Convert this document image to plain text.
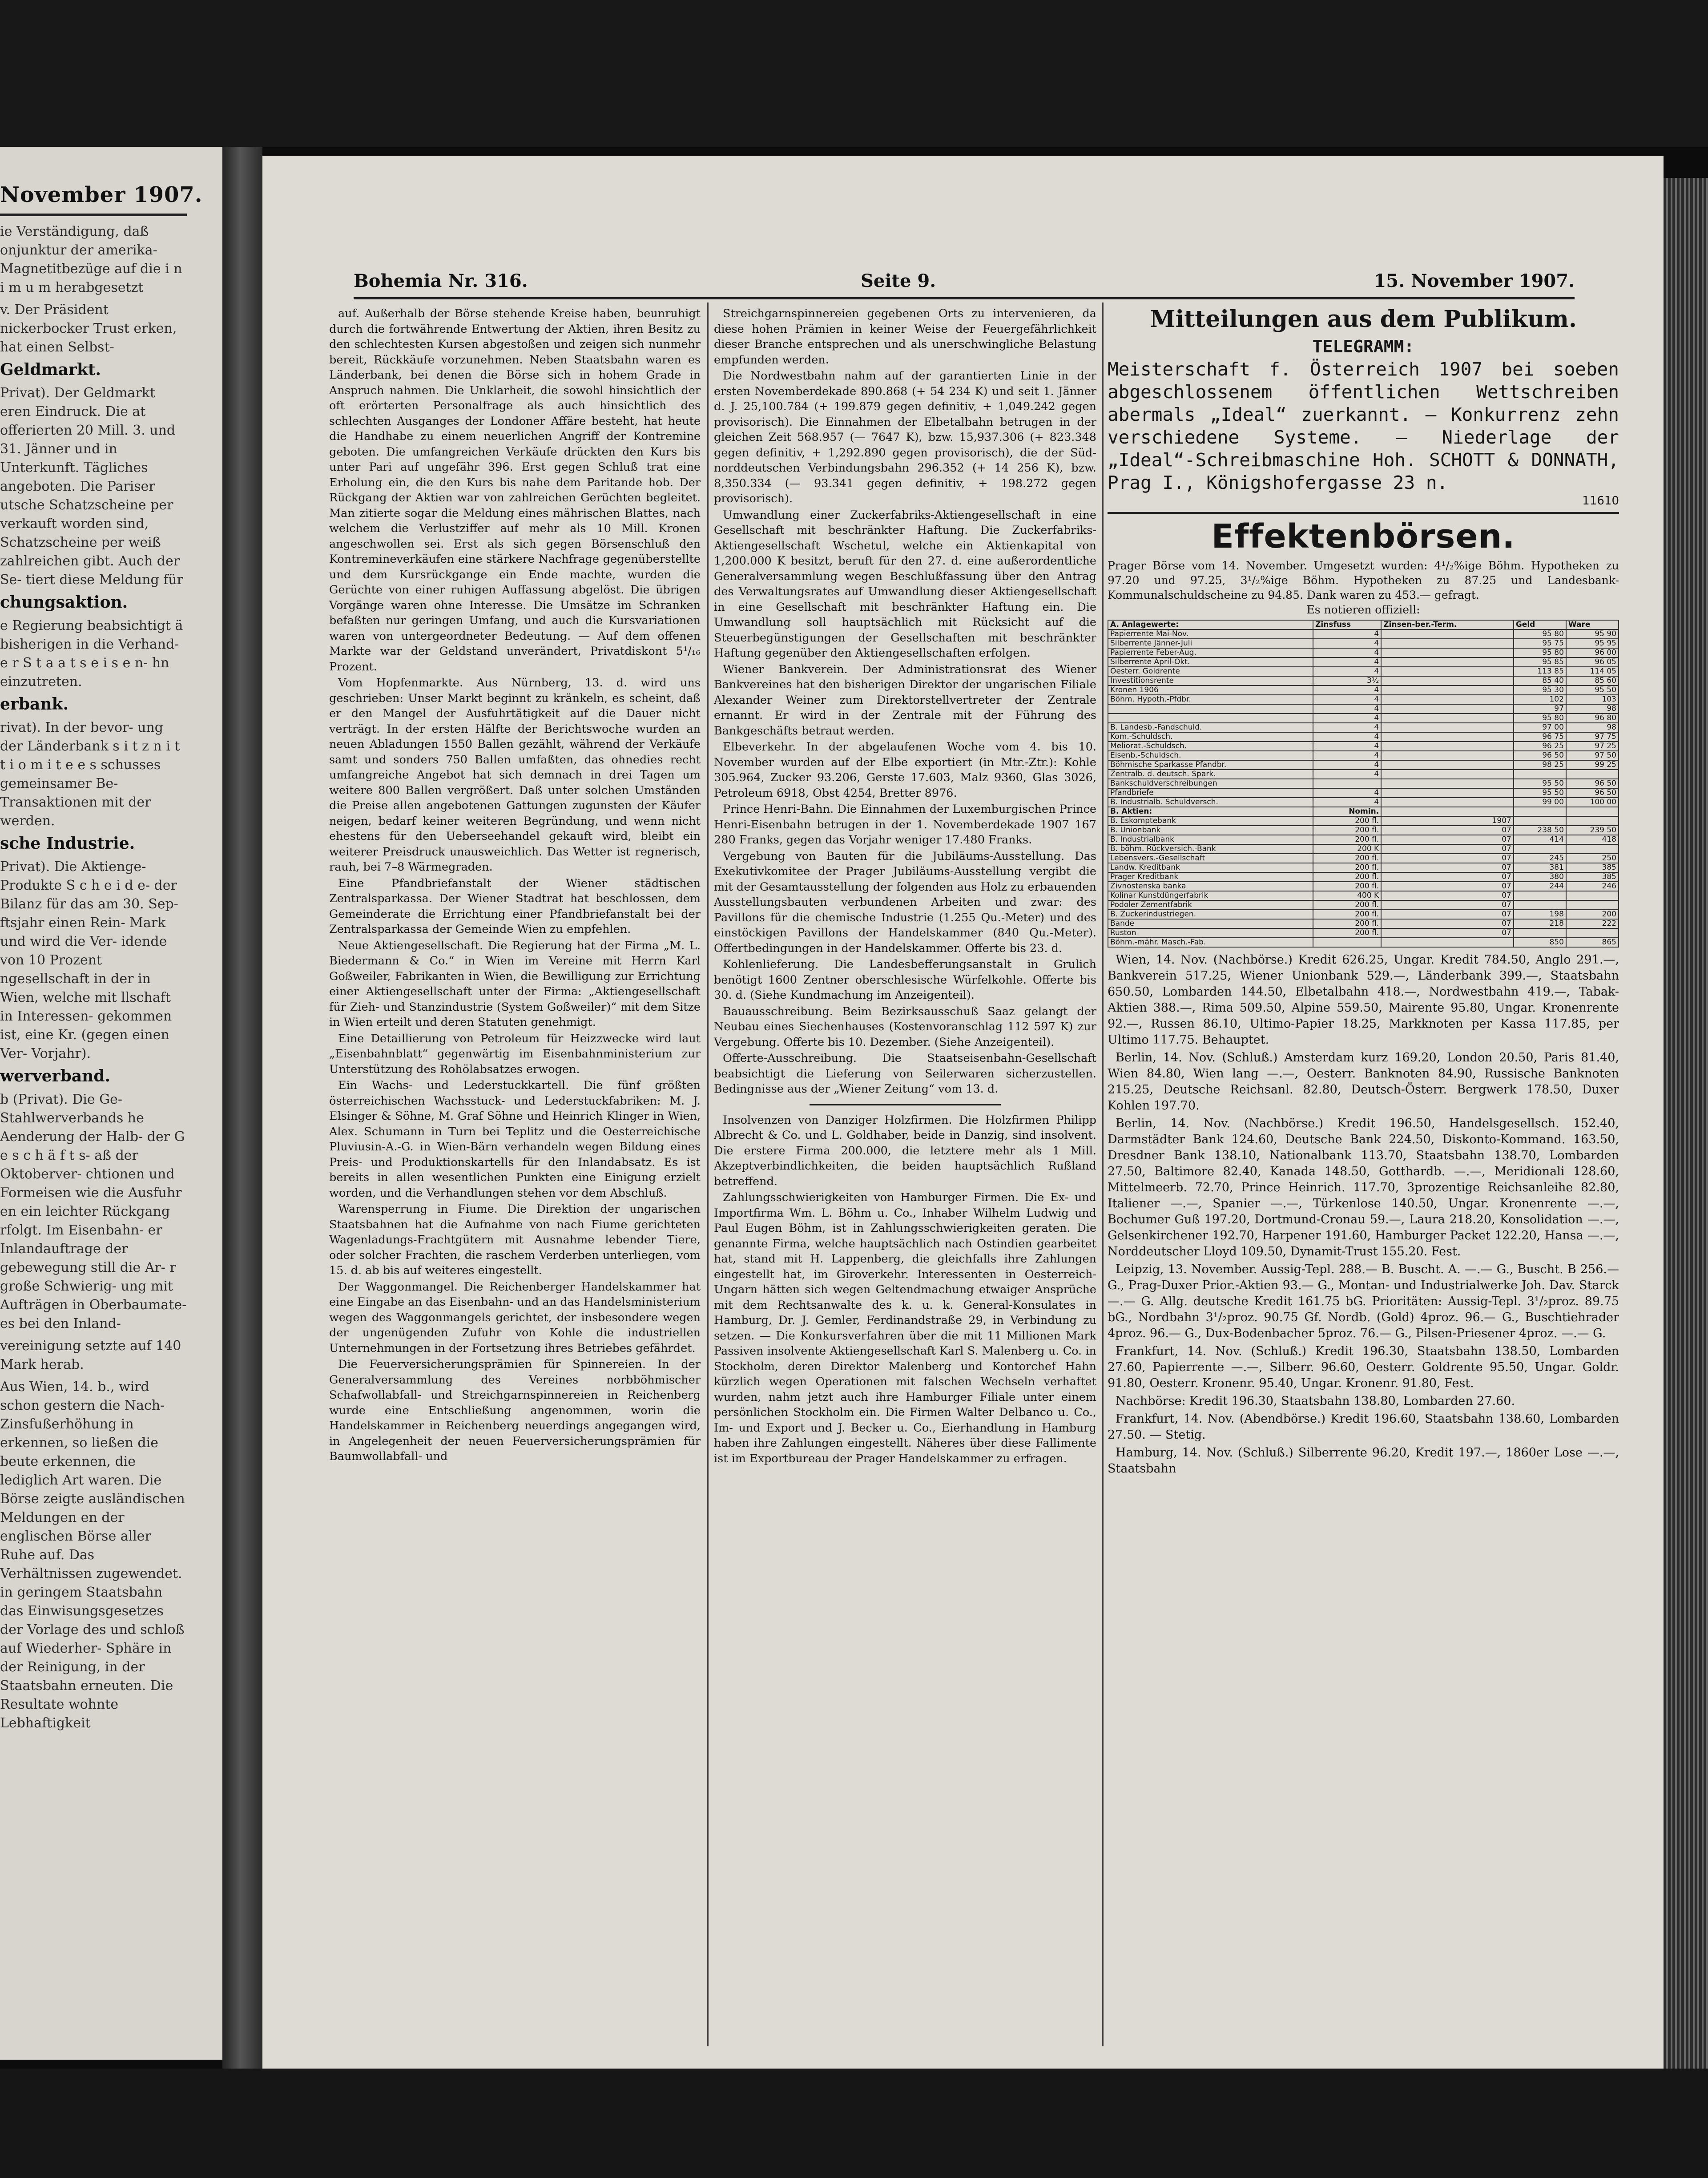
November 1907.

ie Verständigung, daß onjunktur der amerika- Magnetitbezüge auf die i n i m u m herabgesetzt

v. Der Präsident nickerbocker Trust erken, hat einen Selbst-

Geldmarkt.

Privat). Der Geldmarkt eren Eindruck. Die at offerierten 20 Mill. 3. und 31. Jänner und in Unterkunft. Tägliches angeboten. Die Pariser utsche Schatzscheine per verkauft worden sind, Schatzscheine per weiß zahlreichen gibt. Auch der Se- tiert diese Meldung für

chungsaktion.

e Regierung beabsichtigt ä bisherigen in die Verhand- e r S t a a t s e i s e n- hn einzutreten.

erbank.

rivat). In der bevor- ung der Länderbank s i t z n i t t i o m i t e e s schusses gemeinsamer Be- Transaktionen mit der werden.

sche Industrie.

Privat). Die Aktienge- Produkte S c h e i d e- der Bilanz für das am 30. Sep- ftsjahr einen Rein- Mark und wird die Ver- idende von 10 Prozent ngesellschaft in der in Wien, welche mit llschaft in Interessen- gekommen ist, eine Kr. (gegen einen Ver- Vorjahr).

werverband.

b (Privat). Die Ge- Stahlwerverbands he Aenderung der Halb- der G e s c h ä f t s- aß der Oktoberver- chtionen und Formeisen wie die Ausfuhr en ein leichter Rückgang rfolgt. Im Eisenbahn- er Inlandauftrage der gebewegung still die Ar- r große Schwierig- ung mit Aufträgen in Oberbaumate- es bei den Inland-

vereinigung setzte auf 140 Mark herab.

Aus Wien, 14. b., wird schon gestern die Nach- Zinsfußerhöhung in erkennen, so ließen die beute erkennen, die lediglich Art waren. Die Börse zeigte ausländischen Meldungen en der englischen Börse aller Ruhe auf. Das Verhältnissen zugewendet. in geringem Staatsbahn das Einwisungsgesetzes der Vorlage des und schloß auf Wiederher- Sphäre in der Reinigung, in der Staatsbahn erneuten. Die Resultate wohnte Lebhaftigkeit

Bohemia Nr. 316.	Seite 9.	15. November 1907.

auf. Außerhalb der Börse stehende Kreise haben, beunruhigt durch die fortwährende Entwertung der Aktien, ihren Besitz zu den schlechtesten Kursen abgestoßen und zeigen sich nunmehr bereit, Rückkäufe vorzunehmen. Neben Staatsbahn waren es Länderbank, bei denen die Börse sich in hohem Grade in Anspruch nahmen. Die Unklarheit, die sowohl hinsichtlich der oft erörterten Personalfrage als auch hinsichtlich des schlechten Ausganges der Londoner Affäre besteht, hat heute die Handhabe zu einem neuerlichen Angriff der Kontremine geboten. Die umfangreichen Verkäufe drückten den Kurs bis unter Pari auf ungefähr 396. Erst gegen Schluß trat eine Erholung ein, die den Kurs bis nahe dem Paritande hob. Der Rückgang der Aktien war von zahlreichen Gerüchten begleitet. Man zitierte sogar die Meldung eines mährischen Blattes, nach welchem die Verlustziffer auf mehr als 10 Mill. Kronen angeschwollen sei. Erst als sich gegen Börsenschluß den Kontremineverkäufen eine stärkere Nachfrage gegenüberstellte und dem Kursrückgange ein Ende machte, wurden die Gerüchte von einer ruhigen Auffassung abgelöst. Die übrigen Vorgänge waren ohne Interesse. Die Umsätze im Schranken befaßten nur geringen Umfang, und auch die Kursvariationen waren von untergeordneter Bedeutung. — Auf dem offenen Markte war der Geldstand unverändert, Privatdiskont 5¹/₁₆ Prozent.

Vom Hopfenmarkte. Aus Nürnberg, 13. d. wird uns geschrieben: Unser Markt beginnt zu kränkeln, es scheint, daß er den Mangel der Ausfuhrtätigkeit auf die Dauer nicht verträgt. In der ersten Hälfte der Berichtswoche wurden an neuen Abladungen 1550 Ballen gezählt, während der Verkäufe samt und sonders 750 Ballen umfaßten, das ohnedies recht umfangreiche Angebot hat sich demnach in drei Tagen um weitere 800 Ballen vergrößert. Daß unter solchen Umständen die Preise allen angebotenen Gattungen zugunsten der Käufer neigen, bedarf keiner weiteren Begründung, und wenn nicht ehestens für den Ueberseehandel gekauft wird, bleibt ein weiterer Preisdruck unausweichlich. Das Wetter ist regnerisch, rauh, bei 7–8 Wärmegraden.

Eine Pfandbriefanstalt der Wiener städtischen Zentralsparkassa. Der Wiener Stadtrat hat beschlossen, dem Gemeinderate die Errichtung einer Pfandbriefanstalt bei der Zentralsparkassa der Gemeinde Wien zu empfehlen.

Neue Aktiengesellschaft. Die Regierung hat der Firma „M. L. Biedermann & Co.“ in Wien im Vereine mit Herrn Karl Goßweiler, Fabrikanten in Wien, die Bewilligung zur Errichtung einer Aktiengesellschaft unter der Firma: „Aktiengesellschaft für Zieh- und Stanzindustrie (System Goßweiler)“ mit dem Sitze in Wien erteilt und deren Statuten genehmigt.

Eine Detaillierung von Petroleum für Heizzwecke wird laut „Eisenbahnblatt“ gegenwärtig im Eisenbahnministerium zur Unterstützung des Rohölabsatzes erwogen.

Ein Wachs- und Lederstuckkartell. Die fünf größten österreichischen Wachsstuck- und Lederstuckfabriken: M. J. Elsinger & Söhne, M. Graf Söhne und Heinrich Klinger in Wien, Alex. Schumann in Turn bei Teplitz und die Oesterreichische Pluviusin-A.-G. in Wien-Bärn verhandeln wegen Bildung eines Preis- und Produktionskartells für den Inlandabsatz. Es ist bereits in allen wesentlichen Punkten eine Einigung erzielt worden, und die Verhandlungen stehen vor dem Abschluß.

Warensperrung in Fiume. Die Direktion der ungarischen Staatsbahnen hat die Aufnahme von nach Fiume gerichteten Wagenladungs-Frachtgütern mit Ausnahme lebender Tiere, oder solcher Frachten, die raschem Verderben unterliegen, vom 15. d. ab bis auf weiteres eingestellt.

Der Waggonmangel. Die Reichenberger Handelskammer hat eine Eingabe an das Eisenbahn- und an das Handelsministerium wegen des Waggonmangels gerichtet, der insbesondere wegen der ungenügenden Zufuhr von Kohle die industriellen Unternehmungen in der Fortsetzung ihres Betriebes gefährdet.

Die Feuerversicherungsprämien für Spinnereien. In der Generalversammlung des Vereines norbböhmischer Schafwollabfall- und Streichgarnspinnereien in Reichenberg wurde eine Entschließung angenommen, worin die Handelskammer in Reichenberg neuerdings angegangen wird, in Angelegenheit der neuen Feuerversicherungsprämien für Baumwollabfall- und

Streichgarnspinnereien gegebenen Orts zu intervenieren, da diese hohen Prämien in keiner Weise der Feuergefährlichkeit dieser Branche entsprechen und als unerschwingliche Belastung empfunden werden.

Die Nordwestbahn nahm auf der garantierten Linie in der ersten Novemberdekade 890.868 (+ 54 234 K) und seit 1. Jänner d. J. 25,100.784 (+ 199.879 gegen definitiv, + 1,049.242 gegen provisorisch). Die Einnahmen der Elbetalbahn betrugen in der gleichen Zeit 568.957 (— 7647 K), bzw. 15,937.306 (+ 823.348 gegen definitiv, + 1,292.890 gegen provisorisch), die der Süd-norddeutschen Verbindungsbahn 296.352 (+ 14 256 K), bzw. 8,350.334 (— 93.341 gegen definitiv, + 198.272 gegen provisorisch).

Umwandlung einer Zuckerfabriks-Aktiengesellschaft in eine Gesellschaft mit beschränkter Haftung. Die Zuckerfabriks-Aktiengesellschaft Wschetul, welche ein Aktienkapital von 1,200.000 K besitzt, beruft für den 27. d. eine außerordentliche Generalversammlung wegen Beschlußfassung über den Antrag des Verwaltungsrates auf Umwandlung dieser Aktiengesellschaft in eine Gesellschaft mit beschränkter Haftung ein. Die Umwandlung soll hauptsächlich mit Rücksicht auf die Steuerbegünstigungen der Gesellschaften mit beschränkter Haftung gegenüber den Aktiengesellschaften erfolgen.

Wiener Bankverein. Der Administrationsrat des Wiener Bankvereines hat den bisherigen Direktor der ungarischen Filiale Alexander Weiner zum Direktorstellvertreter der Zentrale ernannt. Er wird in der Zentrale mit der Führung des Bankgeschäfts betraut werden.

Elbeverkehr. In der abgelaufenen Woche vom 4. bis 10. November wurden auf der Elbe exportiert (in Mtr.-Ztr.): Kohle 305.964, Zucker 93.206, Gerste 17.603, Malz 9360, Glas 3026, Petroleum 6918, Obst 4254, Bretter 8976.

Prince Henri-Bahn. Die Einnahmen der Luxemburgischen Prince Henri-Eisenbahn betrugen in der 1. Novemberdekade 1907 167 280 Franks, gegen das Vorjahr weniger 17.480 Franks.

Vergebung von Bauten für die Jubiläums-Ausstellung. Das Exekutivkomitee der Prager Jubiläums-Ausstellung vergibt die mit der Gesamtausstellung der folgenden aus Holz zu erbauenden Ausstellungsbauten verbundenen Arbeiten und zwar: des Pavillons für die chemische Industrie (1.255 Qu.-Meter) und des einstöckigen Pavillons der Handelskammer (840 Qu.-Meter). Offertbedingungen in der Handelskammer. Offerte bis 23. d.

Kohlenlieferung. Die Landesbefferungsanstalt in Grulich benötigt 1600 Zentner oberschlesische Würfelkohle. Offerte bis 30. d. (Siehe Kundmachung im Anzeigenteil).

Bauausschreibung. Beim Bezirksausschuß Saaz gelangt der Neubau eines Siechenhauses (Kostenvoranschlag 112 597 K) zur Vergebung. Offerte bis 10. Dezember. (Siehe Anzeigenteil).

Offerte-Ausschreibung. Die Staatseisenbahn-Gesellschaft beabsichtigt die Lieferung von Seilerwaren sicherzustellen. Bedingnisse aus der „Wiener Zeitung“ vom 13. d.

Insolvenzen von Danziger Holzfirmen. Die Holzfirmen Philipp Albrecht & Co. und L. Goldhaber, beide in Danzig, sind insolvent. Die erstere Firma 200.000, die letztere mehr als 1 Mill. Akzeptverbindlichkeiten, die beiden hauptsächlich Rußland betreffend.

Zahlungsschwierigkeiten von Hamburger Firmen. Die Ex- und Importfirma Wm. L. Böhm u. Co., Inhaber Wilhelm Ludwig und Paul Eugen Böhm, ist in Zahlungsschwierigkeiten geraten. Die genannte Firma, welche hauptsächlich nach Ostindien gearbeitet hat, stand mit H. Lappenberg, die gleichfalls ihre Zahlungen eingestellt hat, im Giroverkehr. Interessenten in Oesterreich-Ungarn hätten sich wegen Geltendmachung etwaiger Ansprüche mit dem Rechtsanwalte des k. u. k. General-Konsulates in Hamburg, Dr. J. Gemler, Ferdinandstraße 29, in Verbindung zu setzen. — Die Konkursverfahren über die mit 11 Millionen Mark Passiven insolvente Aktiengesellschaft Karl S. Malenberg u. Co. in Stockholm, deren Direktor Malenberg und Kontorchef Hahn kürzlich wegen Operationen mit falschen Wechseln verhaftet wurden, nahm jetzt auch ihre Hamburger Filiale unter einem persönlichen Stockholm ein. Die Firmen Walter Delbanco u. Co., Im- und Export und J. Becker u. Co., Eierhandlung in Hamburg haben ihre Zahlungen eingestellt. Näheres über diese Fallimente ist im Exportbureau der Prager Handelskammer zu erfragen.

Mitteilungen aus dem Publikum.
TELEGRAMM:
Meisterschaft f. Österreich 1907 bei soeben abgeschlossenem öffentlichen Wettschreiben abermals „Ideal“ zuerkannt. — Konkurrenz zehn verschiedene Systeme. — Niederlage der „Ideal“-Schreibmaschine Hoh. SCHOTT & DONNATH, Prag I., Königshofergasse 23 n.
11610
Effektenbörsen.
Prager Börse vom 14. November. Umgesetzt wurden: 4¹/₂%ige Böhm. Hypotheken zu 97.20 und 97.25, 3¹/₂%ige Böhm. Hypotheken zu 87.25 und Landesbank-Kommunalschuldscheine zu 94.85. Dank waren zu 453.— gefragt.
Es notieren offiziell:
A. Anlagewerte:	Zinsfuss	Zinsen-ber.-Term.	Geld	Ware
Papierrente Mai-Nov.	4		95 80	95 90
Silberrente Jänner-Juli	4		95 75	95 95
Papierrente Feber-Aug.	4		95 80	96 00
Silberrente April-Okt.	4		95 85	96 05
Oesterr. Goldrente	4		113 85	114 05
Investitionsrente	3½		85 40	85 60
Kronen 1906	4		95 30	95 50
Böhm. Hypoth.-Pfdbr.	4		102	103
	4		97	98
	4		95 80	96 80
B. Landesb.-Fandschuld.	4		97 00	98
Kom.-Schuldsch.	4		96 75	97 75
Meliorat.-Schuldsch.	4		96 25	97 25
Eisenb.-Schuldsch.	4		96 50	97 50
Böhmische Sparkasse Pfandbr.	4		98 25	99 25
Zentralb. d. deutsch. Spark.	4			
Bankschuldverschreibungen			95 50	96 50
Pfandbriefe	4		95 50	96 50
B. Industrialb. Schuldversch.	4		99 00	100 00
B. Aktien:	Nomin.			
B. Eskomptebank	200 fl.	1907		
B. Unionbank	200 fl.	07	238 50	239 50
B. Industrialbank	200 fl.	07	414	418
B. böhm. Rückversich.-Bank	200 K	07		
Lebensvers.-Gesellschaft	200 fl.	07	245	250
Landw. Kreditbank	200 fl.	07	381	385
Prager Kreditbank	200 fl.	07	380	385
Zivnostenska banka	200 fl.	07	244	246
Kolinar Kunstdüngerfabrik	400 K	07		
Podoler Zementfabrik	200 fl.	07		
B. Zuckerindustriegen.	200 fl.	07	198	200
Bande	200 fl.	07	218	222
Ruston	200 fl.	07		
Böhm.-mähr. Masch.-Fab.			850	865

Wien, 14. Nov. (Nachbörse.) Kredit 626.25, Ungar. Kredit 784.50, Anglo 291.—, Bankverein 517.25, Wiener Unionbank 529.—, Länderbank 399.—, Staatsbahn 650.50, Lombarden 144.50, Elbetalbahn 418.—, Nordwestbahn 419.—, Tabak-Aktien 388.—, Rima 509.50, Alpine 559.50, Mairente 95.80, Ungar. Kronenrente 92.—, Russen 86.10, Ultimo-Papier 18.25, Markknoten per Kassa 117.85, per Ultimo 117.75. Behauptet.

Berlin, 14. Nov. (Schluß.) Amsterdam kurz 169.20, London 20.50, Paris 81.40, Wien 84.80, Wien lang —.—, Oesterr. Banknoten 84.90, Russische Banknoten 215.25, Deutsche Reichsanl. 82.80, Deutsch-Österr. Bergwerk 178.50, Duxer Kohlen 197.70.

Berlin, 14. Nov. (Nachbörse.) Kredit 196.50, Handelsgesellsch. 152.40, Darmstädter Bank 124.60, Deutsche Bank 224.50, Diskonto-Kommand. 163.50, Dresdner Bank 138.10, Nationalbank 113.70, Staatsbahn 138.70, Lombarden 27.50, Baltimore 82.40, Kanada 148.50, Gotthardb. —.—, Meridionali 128.60, Mittelmeerb. 72.70, Prince Heinrich. 117.70, 3prozentige Reichsanleihe 82.80, Italiener —.—, Spanier —.—, Türkenlose 140.50, Ungar. Kronenrente —.—, Bochumer Guß 197.20, Dortmund-Cronau 59.—, Laura 218.20, Konsolidation —.—, Gelsenkirchener 192.70, Harpener 191.60, Hamburger Packet 122.20, Hansa —.—, Norddeutscher Lloyd 109.50, Dynamit-Trust 155.20. Fest.

Leipzig, 13. November. Aussig-Tepl. 288.— B. Buscht. A. —.— G., Buscht. B 256.— G., Prag-Duxer Prior.-Aktien 93.— G., Montan- und Industrialwerke Joh. Dav. Starck —.— G. Allg. deutsche Kredit 161.75 bG. Prioritäten: Aussig-Tepl. 3¹/₂proz. 89.75 bG., Nordbahn 3¹/₂proz. 90.75 Gf. Nordb. (Gold) 4proz. 96.— G., Buschtiehrader 4proz. 96.— G., Dux-Bodenbacher 5proz. 76.— G., Pilsen-Priesener 4proz. —.— G.

Frankfurt, 14. Nov. (Schluß.) Kredit 196.30, Staatsbahn 138.50, Lombarden 27.60, Papierrente —.—, Silberr. 96.60, Oesterr. Goldrente 95.50, Ungar. Goldr. 91.80, Oesterr. Kronenr. 95.40, Ungar. Kronenr. 91.80, Fest.

Nachbörse: Kredit 196.30, Staatsbahn 138.80, Lombarden 27.60.

Frankfurt, 14. Nov. (Abendbörse.) Kredit 196.60, Staatsbahn 138.60, Lombarden 27.50. — Stetig.

Hamburg, 14. Nov. (Schluß.) Silberrente 96.20, Kredit 197.—, 1860er Lose —.—, Staatsbahn
